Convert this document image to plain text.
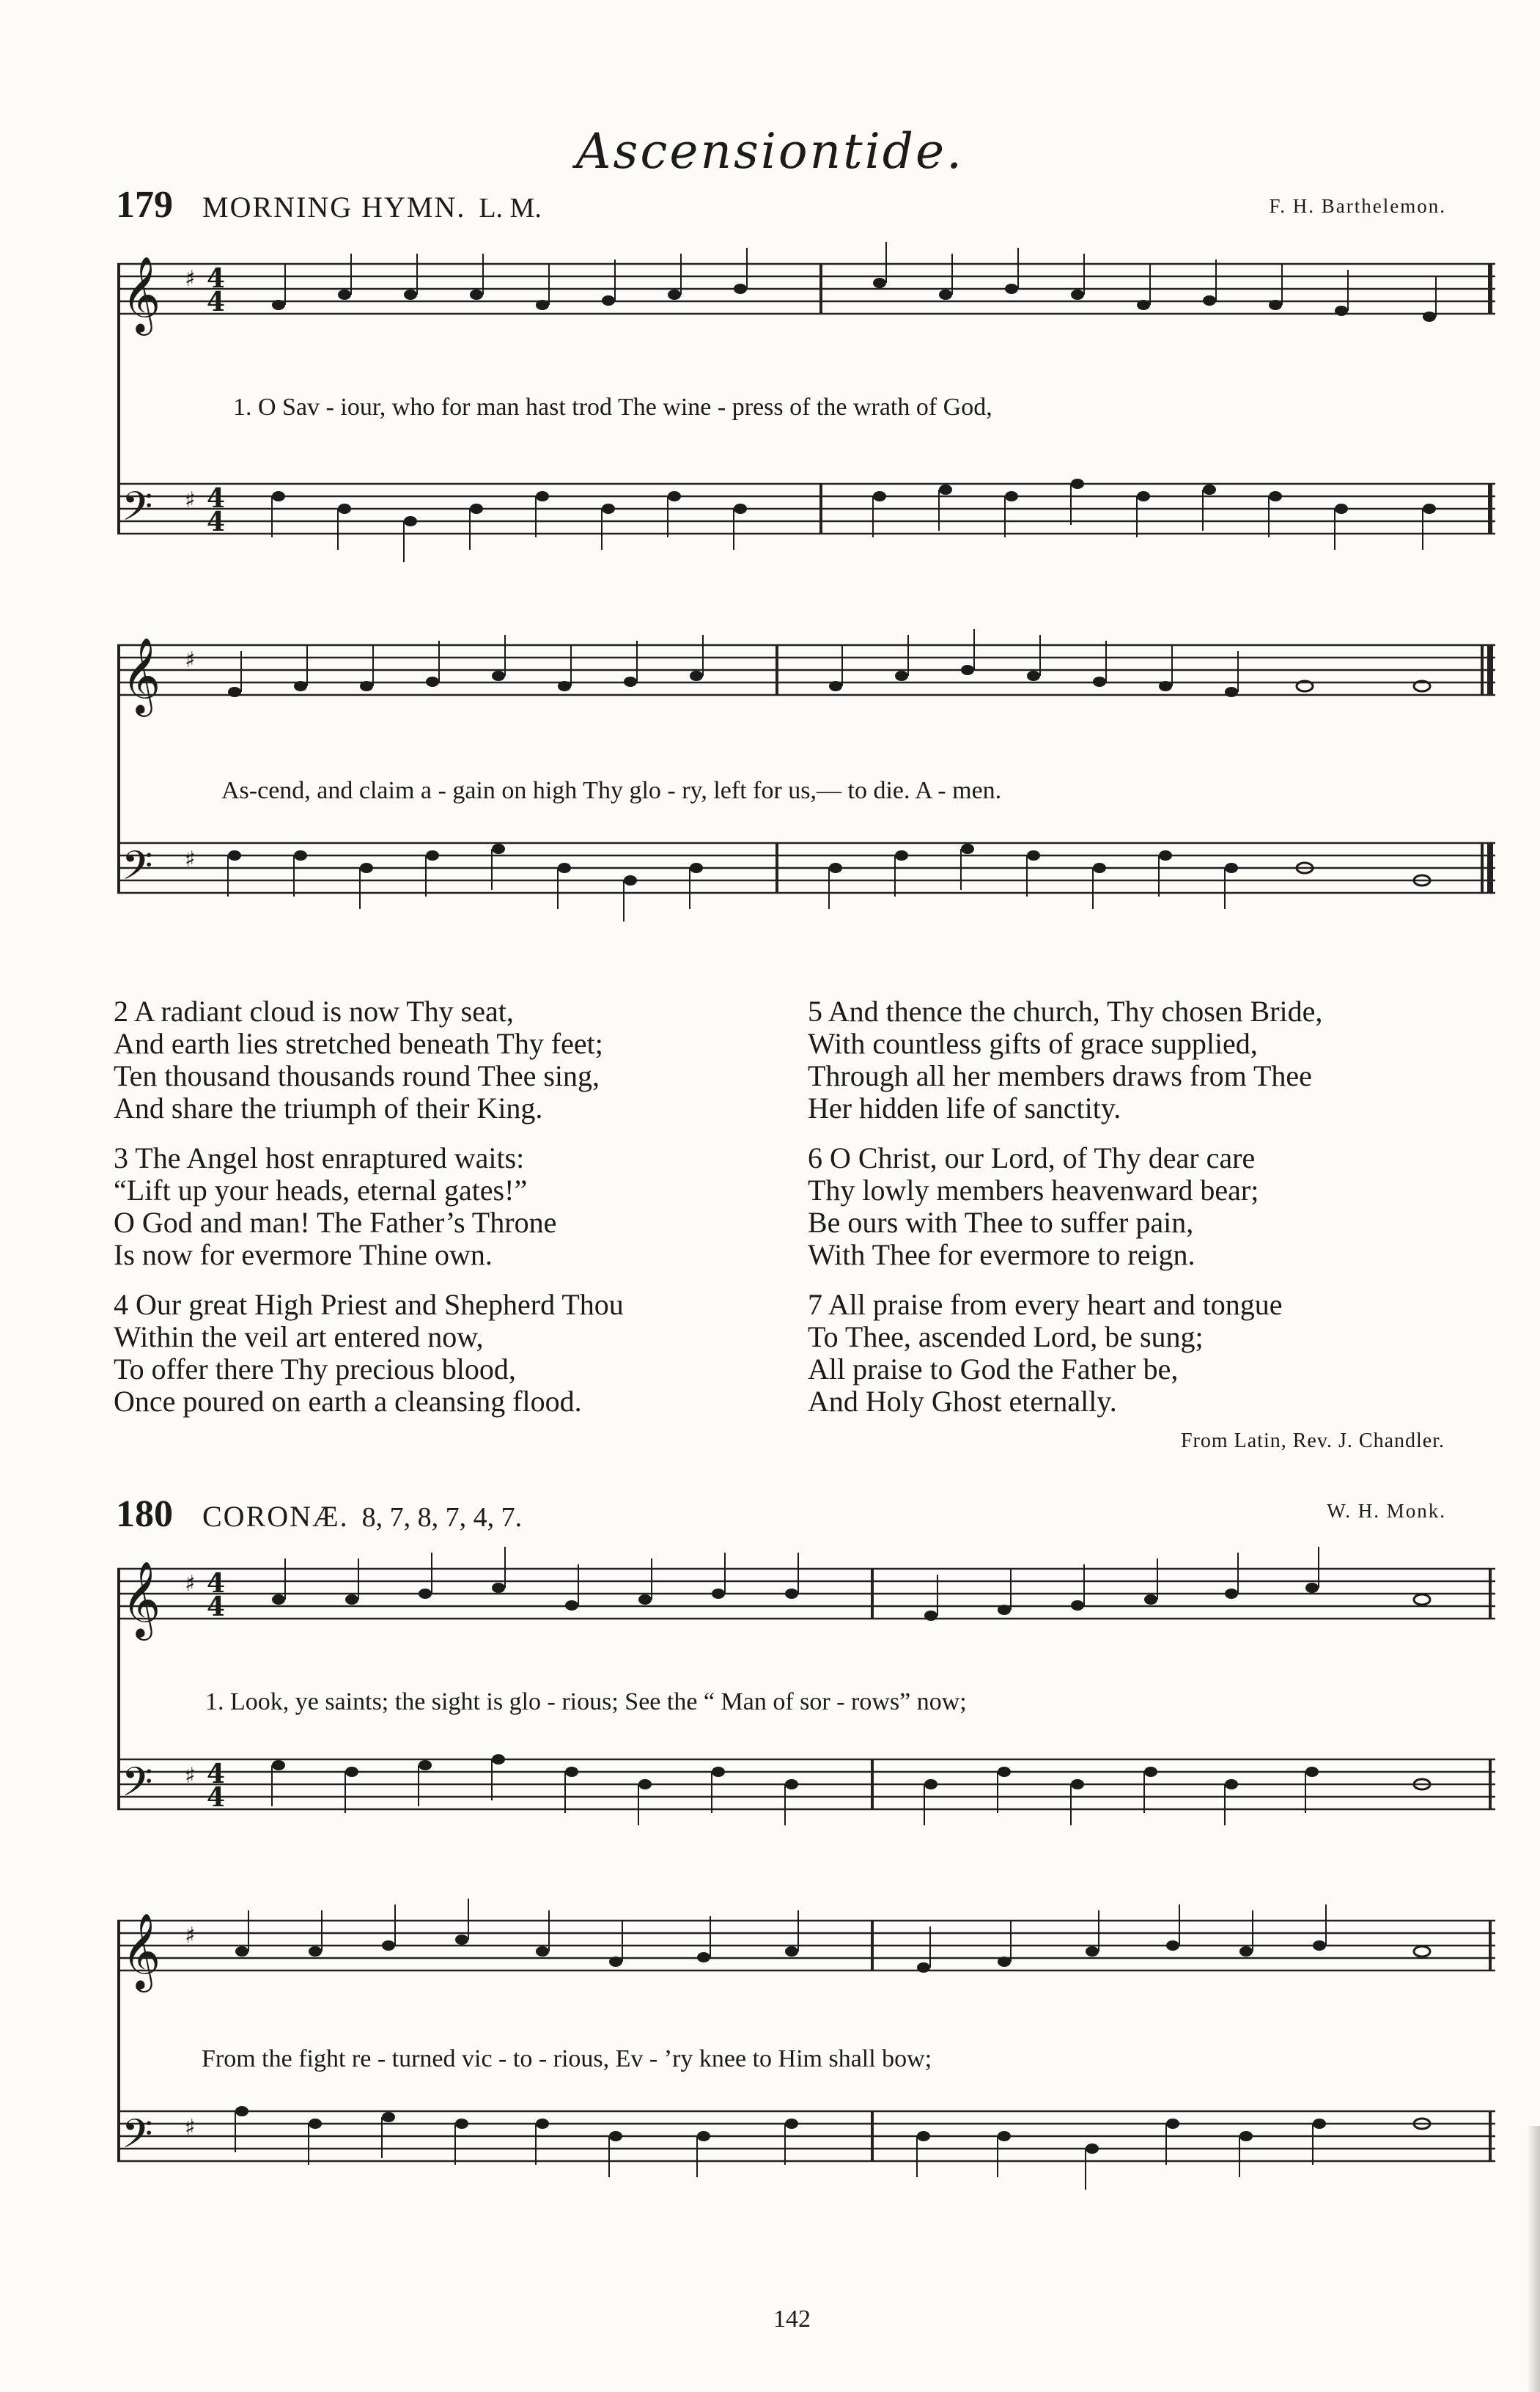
Ascensiontide.
179 MORNING HYMN. L. M.	F. H. Barthelemon.
𝄞
𝄢
♯
♯
4
4
4
4
1. O Sav - iour, who for man hast trod The wine - press of the wrath of God,
𝄞
𝄢
♯
♯
As-cend, and claim a - gain on high Thy glo - ry, left for us,— to die. A - men.

2 A radiant cloud is now Thy seat,
And earth lies stretched beneath Thy feet;
Ten thousand thousands round Thee sing,
And share the triumph of their King.

3 The Angel host enraptured waits:
“Lift up your heads, eternal gates!”
O God and man! The Father’s Throne
Is now for evermore Thine own.

4 Our great High Priest and Shepherd Thou
Within the veil art entered now,
To offer there Thy precious blood,
Once poured on earth a cleansing flood.

5 And thence the church, Thy chosen Bride,
With countless gifts of grace supplied,
Through all her members draws from Thee
Her hidden life of sanctity.

6 O Christ, our Lord, of Thy dear care
Thy lowly members heavenward bear;
Be ours with Thee to suffer pain,
With Thee for evermore to reign.

7 All praise from every heart and tongue
To Thee, ascended Lord, be sung;
All praise to God the Father be,
And Holy Ghost eternally.

From Latin, Rev. J. Chandler.
180 CORONÆ. 8, 7, 8, 7, 4, 7.	W. H. Monk.
𝄞
𝄢
♯
♯
4
4
4
4
1. Look, ye saints; the sight is glo - rious; See the “ Man of sor - rows” now;
𝄞
𝄢
♯
♯
From the fight re - turned vic - to - rious, Ev - ’ry knee to Him shall bow;
142
